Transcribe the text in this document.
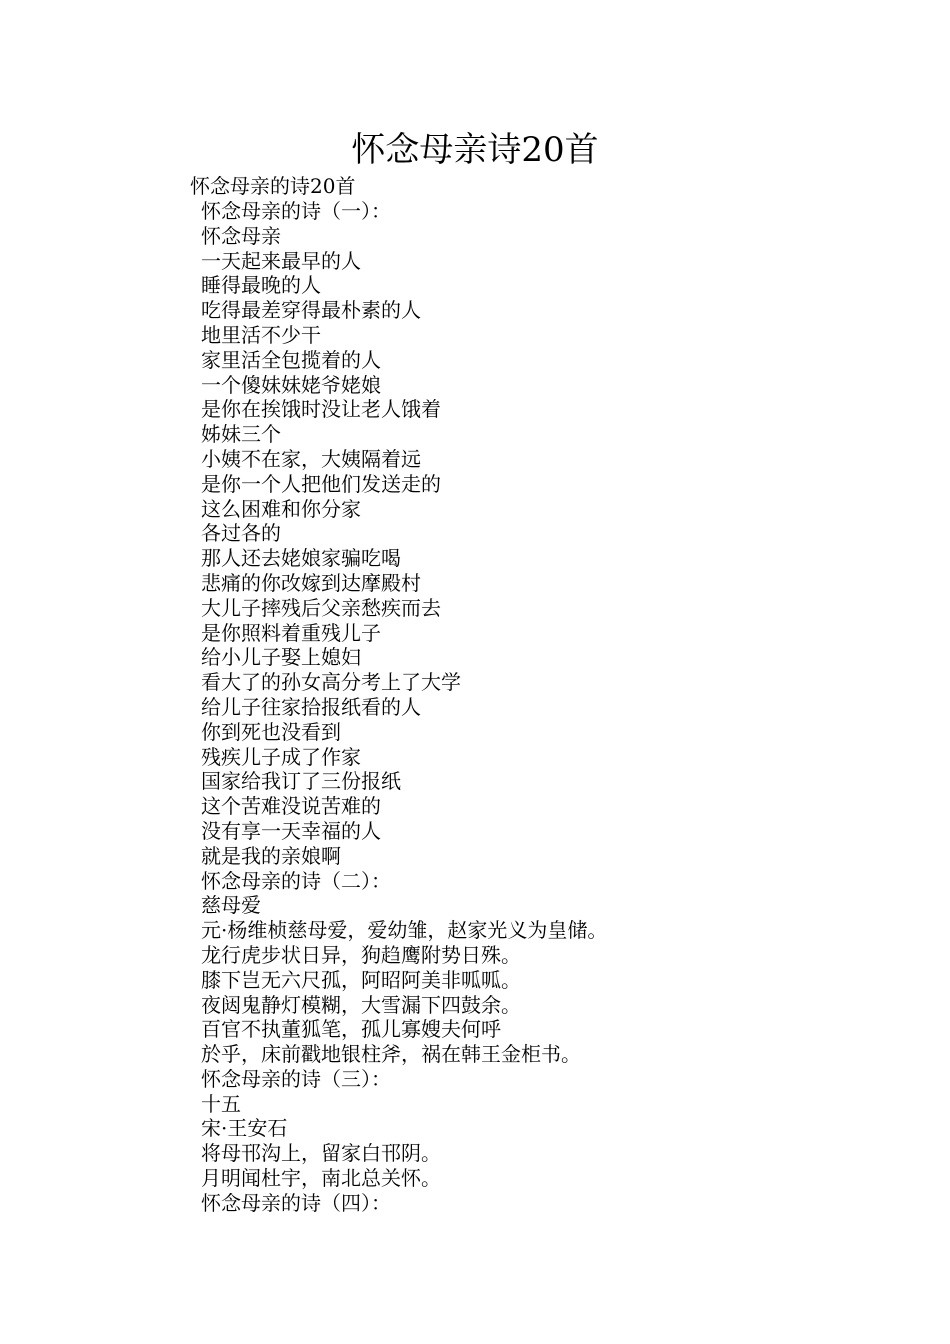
怀念母亲诗20首
怀念母亲的诗20首
怀念母亲的诗（一）：
怀念母亲
一天起来最早的人
睡得最晚的人
吃得最差穿得最朴素的人
地里活不少干
家里活全包揽着的人
一个傻妹妹姥爷姥娘
是你在挨饿时没让老人饿着
姊妹三个
小姨不在家，大姨隔着远
是你一个人把他们发送走的
这么困难和你分家
各过各的
那人还去姥娘家骗吃喝
悲痛的你改嫁到达摩殿村
大儿子摔残后父亲愁疾而去
是你照料着重残儿子
给小儿子娶上媳妇
看大了的孙女高分考上了大学
给儿子往家拾报纸看的人
你到死也没看到
残疾儿子成了作家
国家给我订了三份报纸
这个苦难没说苦难的
没有享一天幸福的人
就是我的亲娘啊
怀念母亲的诗（二）：
慈母爱
元·杨维桢慈母爱，爱幼雏，赵家光义为皇储。
龙行虎步状日异，狗趋鹰附势日殊。
膝下岂无六尺孤，阿昭阿美非呱呱。
夜闼鬼静灯模糊，大雪漏下四鼓余。
百官不执董狐笔，孤儿寡嫂夫何呼
於乎，床前戳地银柱斧，祸在韩王金柜书。
怀念母亲的诗（三）：
十五
宋·王安石
将母邗沟上，留家白邗阴。
月明闻杜宇，南北总关怀。
怀念母亲的诗（四）：
